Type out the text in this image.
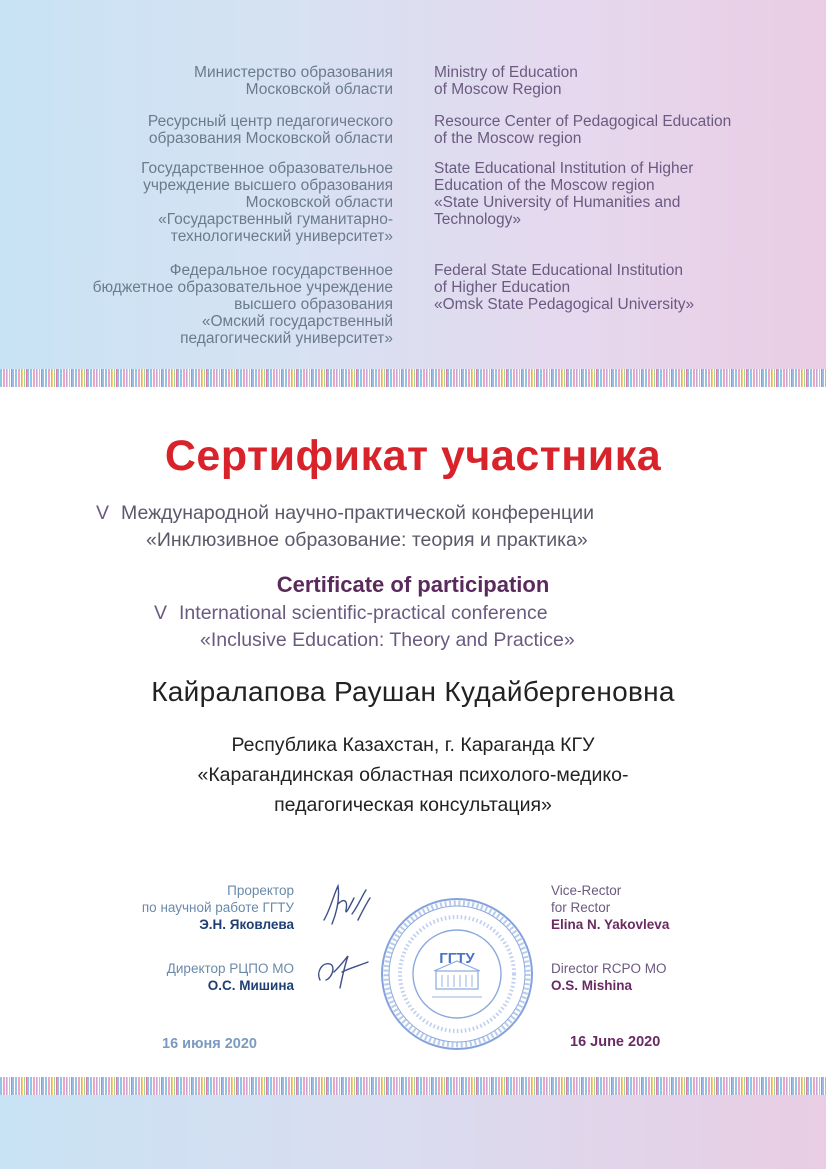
Министерство образования
Московской области
Ресурсный центр педагогического
образования Московской области
Государственное образовательное
учреждение высшего образования
Московской области
«Государственный гуманитарно-
технологический университет»
Федеральное государственное
бюджетное образовательное учреждение
высшего образования
«Омский государственный
педагогический университет»
Ministry of Education
of Moscow Region
Resource Center of Pedagogical Education
of the Moscow region
State Educational Institution of Higher
Education of the Moscow region
«State University of Humanities and
Technology»
Federal State Educational Institution
of Higher Education
«Omsk State Pedagogical University»
Сертификат участника
V Международной научно-практической конференции
«Инклюзивное образование: теория и практика»
Certificate of participation
V International scientific-practical conference
«Inclusive Education: Theory and Practice»
Кайралапова Раушан Кудайбергеновна
Республика Казахстан, г. Караганда КГУ
«Карагандинская областная психолого-медико-
педагогическая консультация»
Проректор
по научной работе ГГТУ
Э.Н. Яковлева
Директор РЦПО МО
О.С. Мишина
Vice-Rector
for Rector
Elina N. Yakovleva
Director RCPO MO
O.S. Mishina
ГГТУ
16 июня 2020	16 June 2020
